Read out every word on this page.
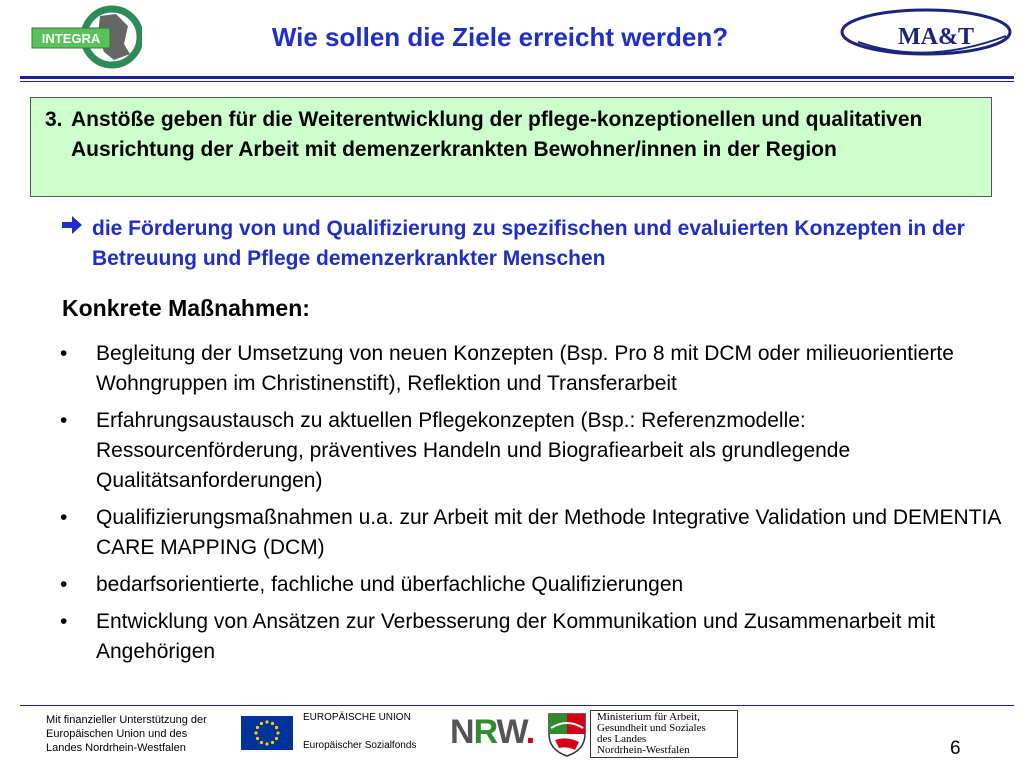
INTEGRA	Wie sollen die Ziele erreicht werden?	MA&T
3. Anstöße geben für die Weiterentwicklung der pflege-konzeptionellen und qualitativen Ausrichtung der Arbeit mit demenzerkrankten Bewohner/innen in der Region
die Förderung von und Qualifizierung zu spezifischen und evaluierten Konzepten in der Betreuung und Pflege demenzerkrankter Menschen
Konkrete Maßnahmen:
•	Begleitung der Umsetzung von neuen Konzepten (Bsp. Pro 8 mit DCM oder milieuorientierte Wohngruppen im Christinenstift), Reflektion und Transferarbeit
•	Erfahrungsaustausch zu aktuellen Pflegekonzepten (Bsp.: Referenzmodelle: Ressourcenförderung, präventives Handeln und Biografiearbeit als grundlegende Qualitätsanforderungen)
•	Qualifizierungsmaßnahmen u.a. zur Arbeit mit der Methode Integrative Validation und DEMENTIA CARE MAPPING (DCM)
•	bedarfsorientierte, fachliche und überfachliche Qualifizierungen
•	Entwicklung von Ansätzen zur Verbesserung der Kommunikation und Zusammenarbeit mit Angehörigen
Mit finanzieller Unterstützung der
Europäischen Union und des
Landes Nordrhein-Westfalen
EUROPÄISCHE UNION
Europäischer Sozialfonds NRW.	Ministerium für Arbeit,
Gesundheit und Soziales
des Landes
Nordrhein-Westfalen	6
